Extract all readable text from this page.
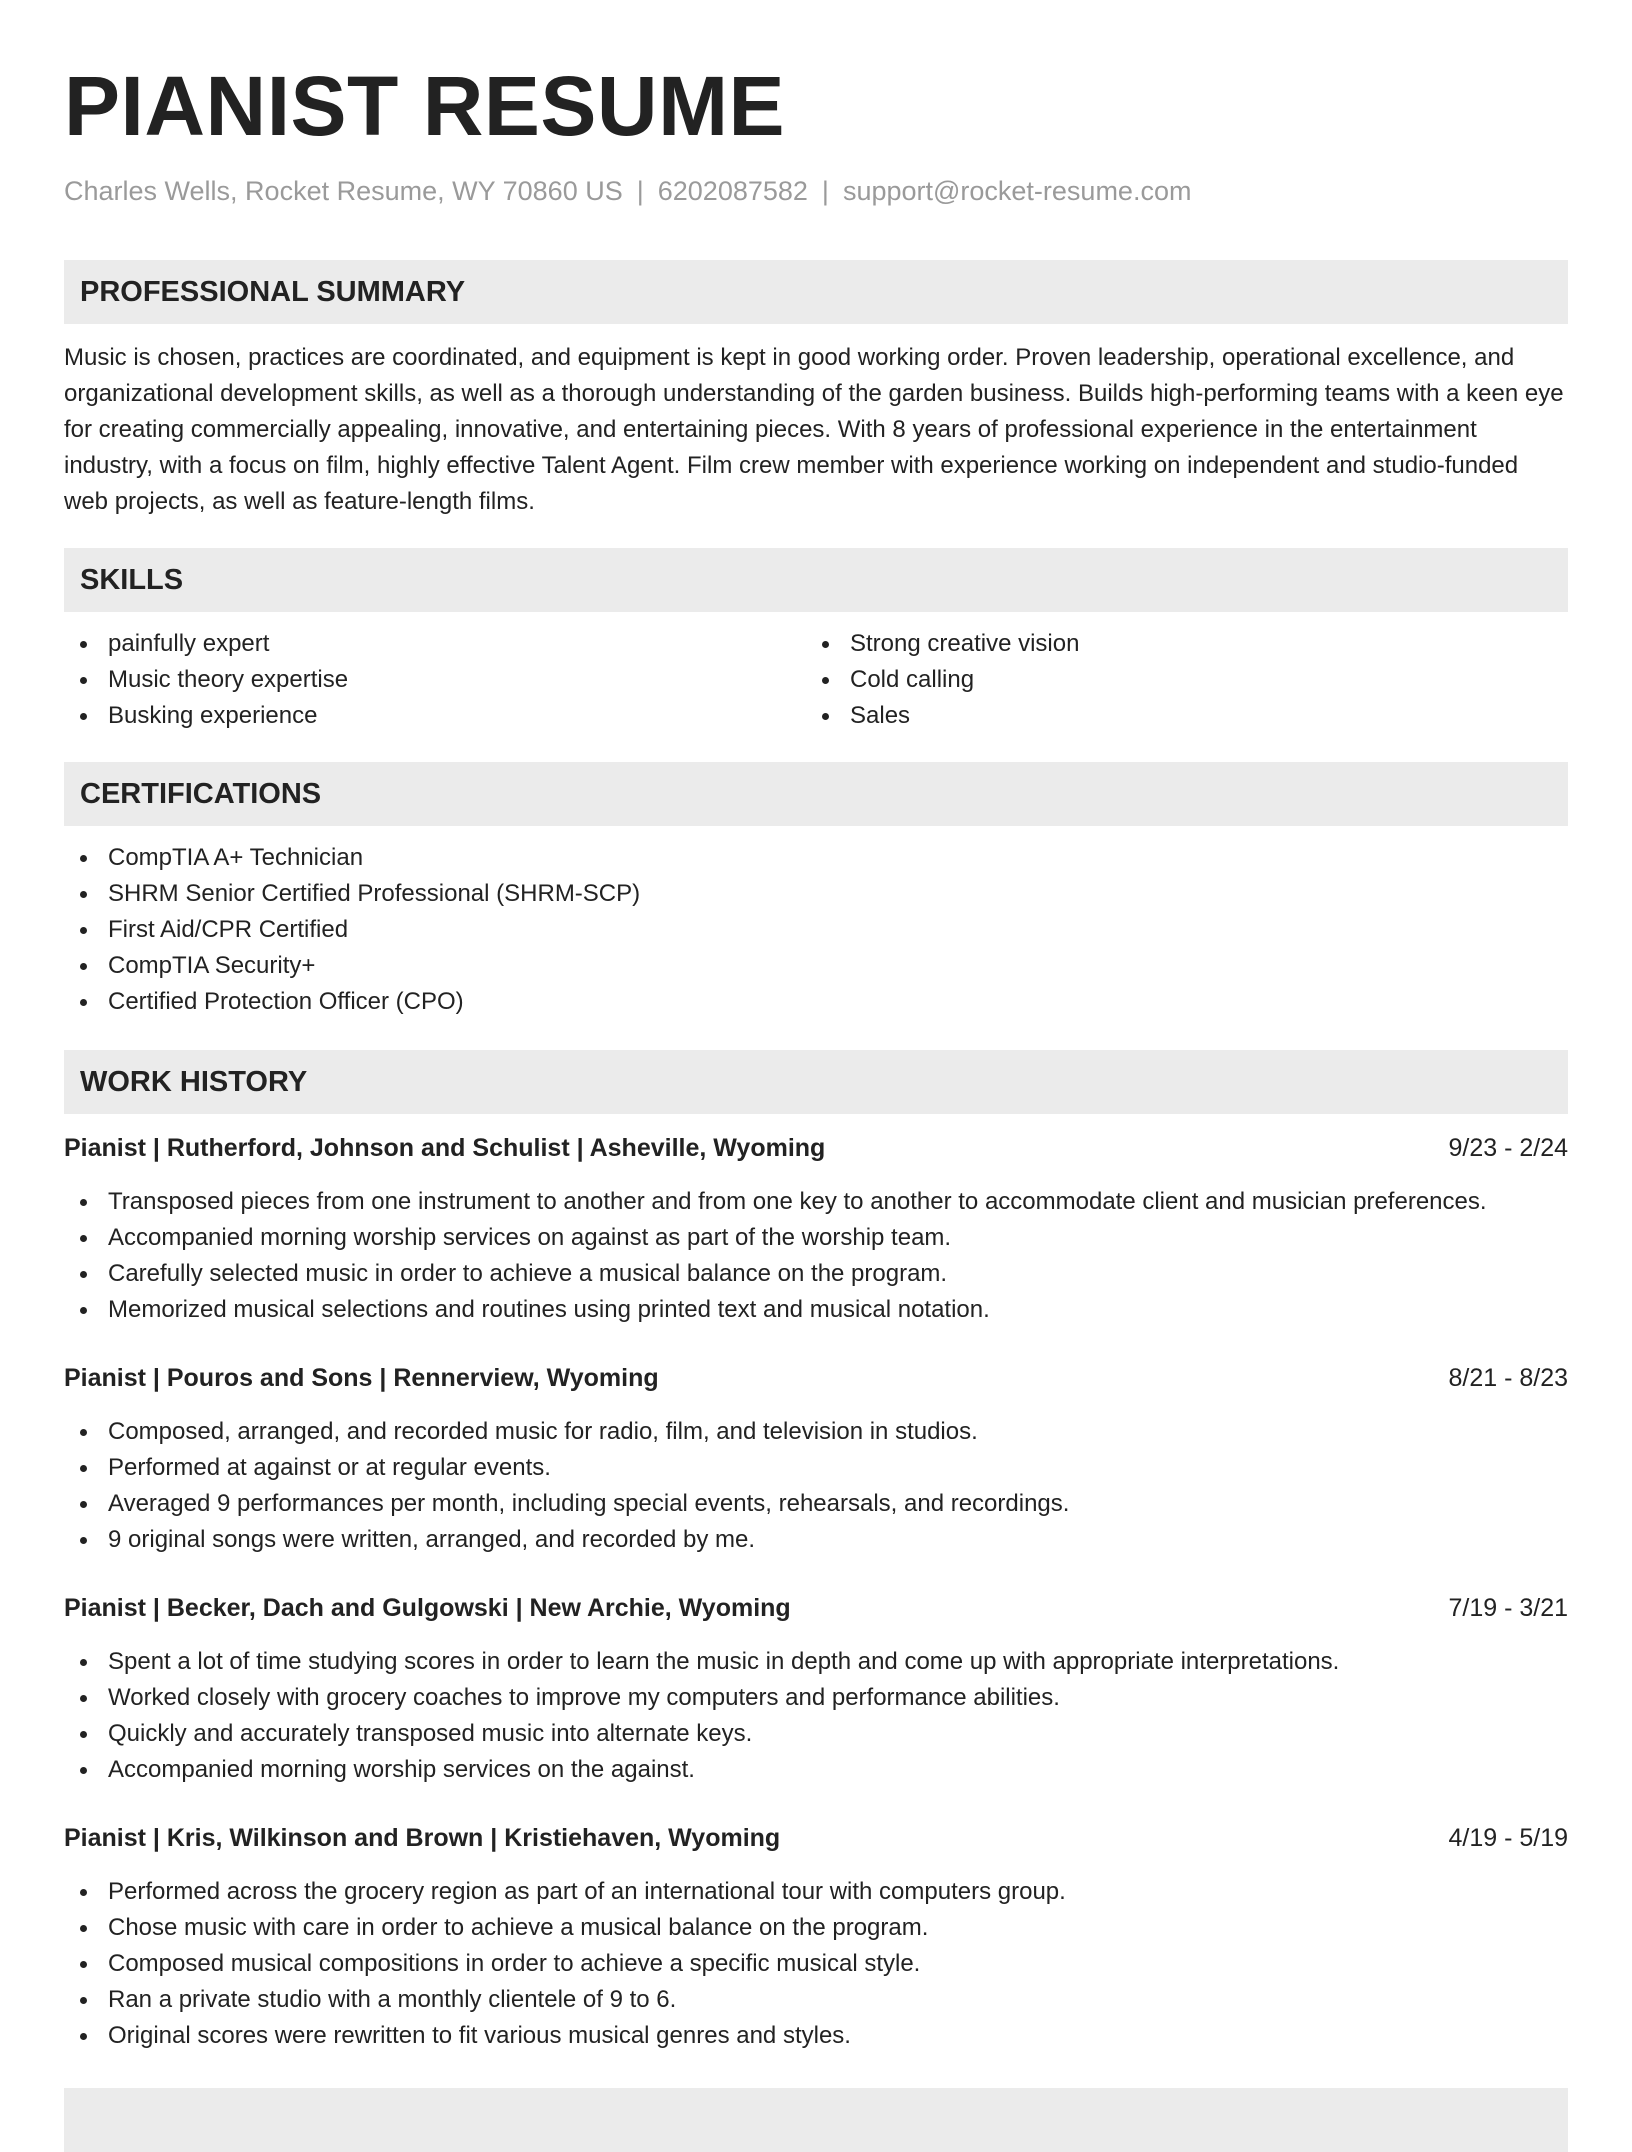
PIANIST RESUME
Charles Wells, Rocket Resume, WY 70860 US | 6202087582 | support@rocket-resume.com
PROFESSIONAL SUMMARY

Music is chosen, practices are coordinated, and equipment is kept in good working order. Proven leadership, operational excellence, and organizational development skills, as well as a thorough understanding of the garden business. Builds high-performing teams with a keen eye for creating commercially appealing, innovative, and entertaining pieces. With 8 years of professional experience in the entertainment industry, with a focus on film, highly effective Talent Agent. Film crew member with experience working on independent and studio-funded web projects, as well as feature-length films.

SKILLS
painfully expert
Music theory expertise
Busking experience
Strong creative vision
Cold calling
Sales
CERTIFICATIONS
CompTIA A+ Technician
SHRM Senior Certified Professional (SHRM-SCP)
First Aid/CPR Certified
CompTIA Security+
Certified Protection Officer (CPO)
WORK HISTORY
Pianist | Rutherford, Johnson and Schulist | Asheville, Wyoming	9/23 - 2/24
Transposed pieces from one instrument to another and from one key to another to accommodate client and musician preferences.
Accompanied morning worship services on against as part of the worship team.
Carefully selected music in order to achieve a musical balance on the program.
Memorized musical selections and routines using printed text and musical notation.
Pianist | Pouros and Sons | Rennerview, Wyoming	8/21 - 8/23
Composed, arranged, and recorded music for radio, film, and television in studios.
Performed at against or at regular events.
Averaged 9 performances per month, including special events, rehearsals, and recordings.
9 original songs were written, arranged, and recorded by me.
Pianist | Becker, Dach and Gulgowski | New Archie, Wyoming	7/19 - 3/21
Spent a lot of time studying scores in order to learn the music in depth and come up with appropriate interpretations.
Worked closely with grocery coaches to improve my computers and performance abilities.
Quickly and accurately transposed music into alternate keys.
Accompanied morning worship services on the against.
Pianist | Kris, Wilkinson and Brown | Kristiehaven, Wyoming	4/19 - 5/19
Performed across the grocery region as part of an international tour with computers group.
Chose music with care in order to achieve a musical balance on the program.
Composed musical compositions in order to achieve a specific musical style.
Ran a private studio with a monthly clientele of 9 to 6.
Original scores were rewritten to fit various musical genres and styles.
